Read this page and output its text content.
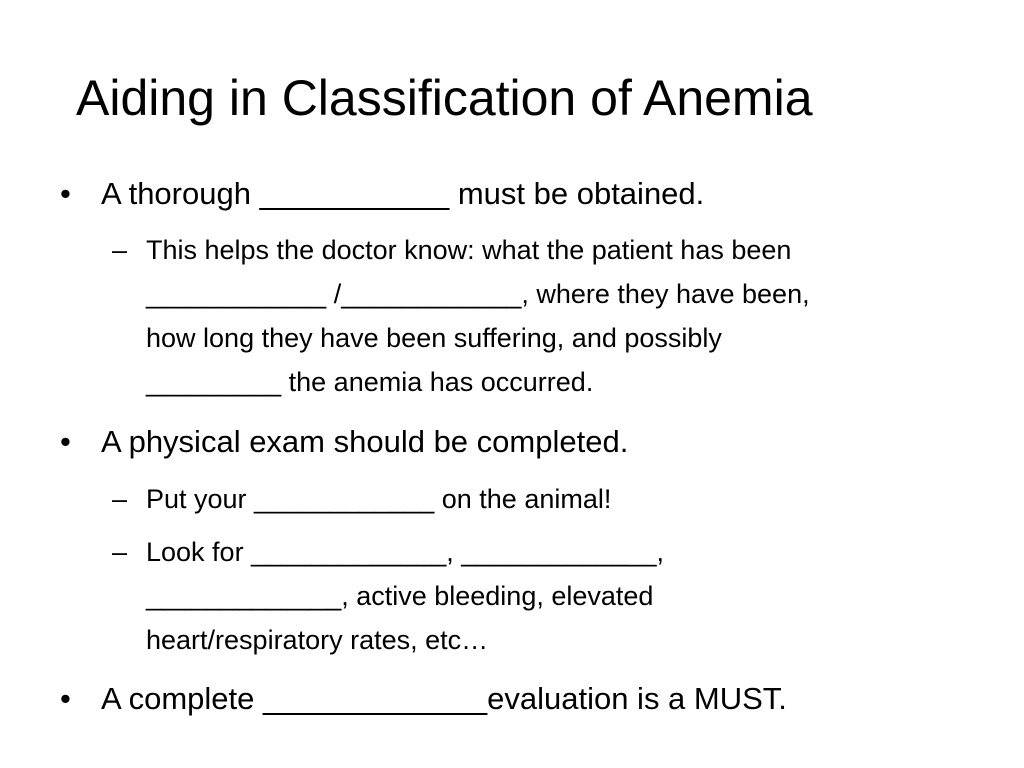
Aiding in Classification of Anemia
• A thorough ___________ must be obtained.
– This helps the doctor know: what the patient has been
____________ /____________, where they have been,
how long they have been suffering, and possibly
_________ the anemia has occurred.
• A physical exam should be completed.
– Put your ____________ on the animal!
– Look for _____________, _____________,
_____________, active bleeding, elevated
heart/respiratory rates, etc…
• A complete _____________evaluation is a MUST.
